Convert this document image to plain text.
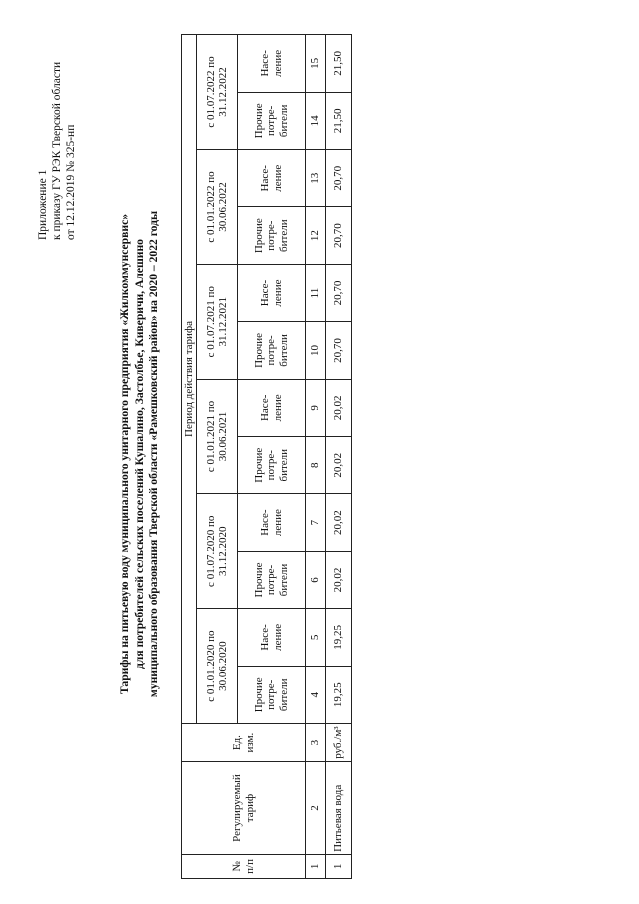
Приложение 1 к приказу ГУ РЭК Тверской области от 12.12.2019 № 325-нп
Тарифы на питьевую воду муниципального унитарного предприятия «Жилкоммунсервис» для потребителей сельских поселений Кушалино, Застолбье, Киверичи, Алешино муниципального образования Тверской области «Рамешковский район» на 2020 – 2022 годы
№ п/п	Регулируемый тариф	Ед. изм.	Период действия тарифа											
			с 01.01.2020 по 30.06.2020		с 01.07.2020 по 31.12.2020		с 01.01.2021 по 30.06.2021		с 01.07.2021 по 31.12.2021		с 01.01.2022 по 30.06.2022		с 01.07.2022 по 31.12.2022	
			Прочие потре-бители	Насе-ление	Прочие потре-бители	Насе-ление	Прочие потре-бители	Насе-ление	Прочие потре-бители	Насе-ление	Прочие потре-бители	Насе-ление	Прочие потре-бители	Насе-ление
1	2	3	4	5	6	7	8	9	10	11	12	13	14	15
1	Питьевая вода	руб./м³	19,25	19,25	20,02	20,02	20,02	20,02	20,70	20,70	20,70	20,70	21,50	21,50
